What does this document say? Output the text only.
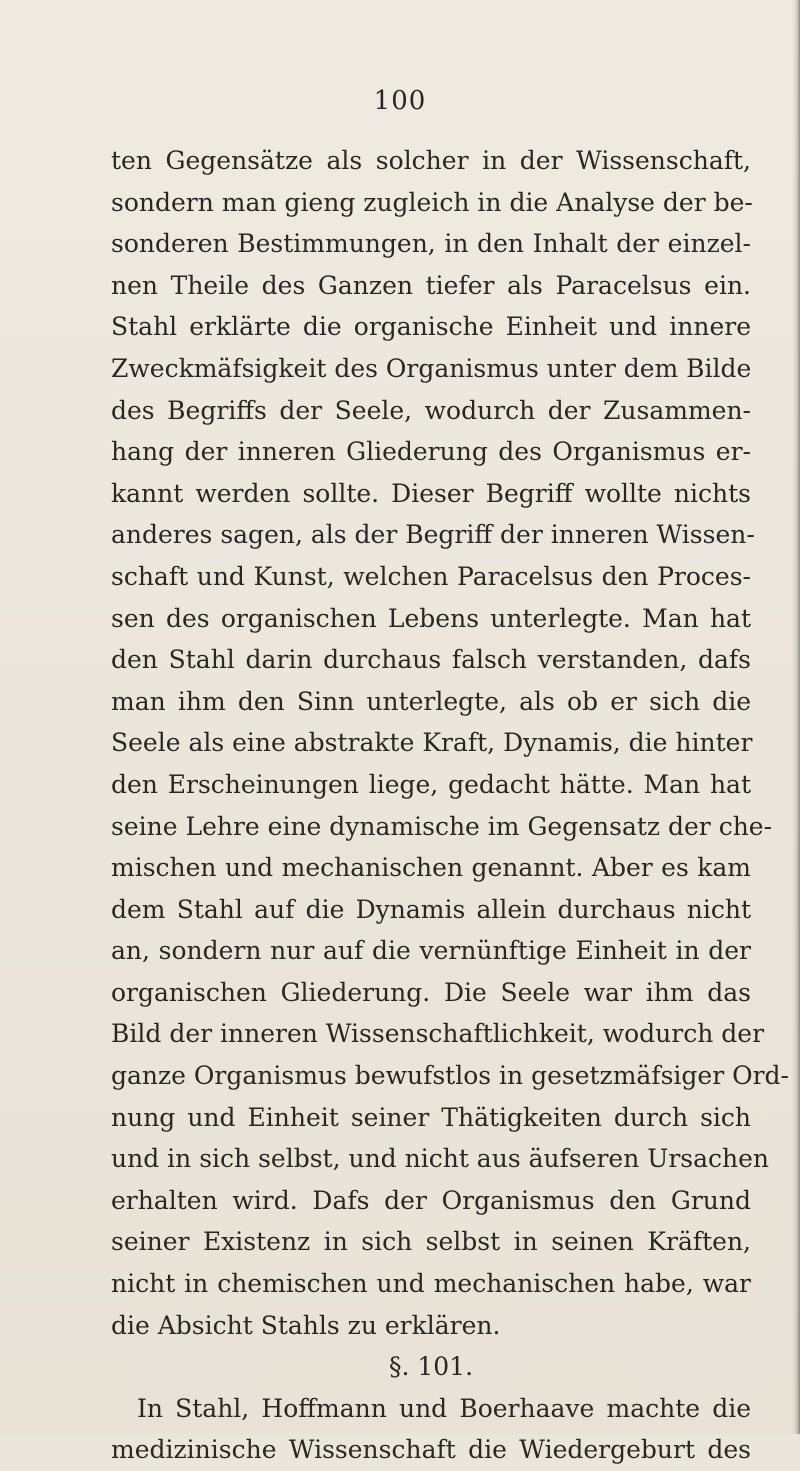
100
ten Gegensätze als solcher in der Wissenschaft,
sondern man gieng zugleich in die Analyse der be-
sonderen Bestimmungen, in den Inhalt der einzel-
nen Theile des Ganzen tiefer als Paracelsus ein.
Stahl erklärte die organische Einheit und innere
Zweckmäfsigkeit des Organismus unter dem Bilde
des Begriffs der Seele, wodurch der Zusammen-
hang der inneren Gliederung des Organismus er-
kannt werden sollte. Dieser Begriff wollte nichts
anderes sagen, als der Begriff der inneren Wissen-
schaft und Kunst, welchen Paracelsus den Proces-
sen des organischen Lebens unterlegte. Man hat
den Stahl darin durchaus falsch verstanden, dafs
man ihm den Sinn unterlegte, als ob er sich die
Seele als eine abstrakte Kraft, Dynamis, die hinter
den Erscheinungen liege, gedacht hätte. Man hat
seine Lehre eine dynamische im Gegensatz der che-
mischen und mechanischen genannt. Aber es kam
dem Stahl auf die Dynamis allein durchaus nicht
an, sondern nur auf die vernünftige Einheit in der
organischen Gliederung. Die Seele war ihm das
Bild der inneren Wissenschaftlichkeit, wodurch der
ganze Organismus bewufstlos in gesetzmäfsiger Ord-
nung und Einheit seiner Thätigkeiten durch sich
und in sich selbst, und nicht aus äufseren Ursachen
erhalten wird. Dafs der Organismus den Grund
seiner Existenz in sich selbst in seinen Kräften,
nicht in chemischen und mechanischen habe, war
die Absicht Stahls zu erklären.
§. 101.
In Stahl, Hoffmann und Boerhaave machte die
medizinische Wissenschaft die Wiedergeburt des
